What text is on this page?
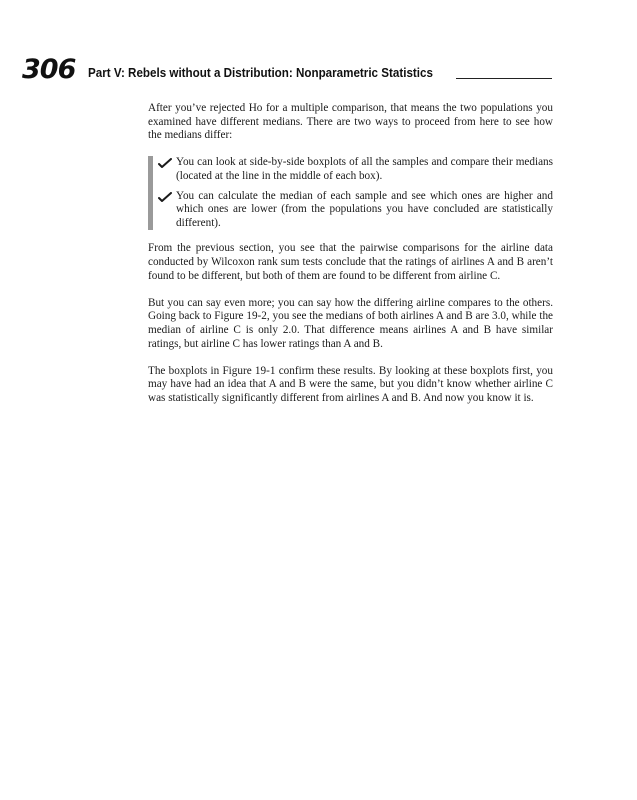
306 Part V: Rebels without a Distribution: Nonparametric Statistics

After you’ve rejected Ho for a multiple comparison, that means the two populations you examined have different medians. There are two ways to proceed from here to see how the medians differ:

You can look at side-by-side boxplots of all the samples and compare their medians (located at the line in the middle of each box).
You can calculate the median of each sample and see which ones are higher and which ones are lower (from the populations you have concluded are statistically different).

From the previous section, you see that the pairwise comparisons for the airline data conducted by Wilcoxon rank sum tests conclude that the ratings of airlines A and B aren’t found to be different, but both of them are found to be different from airline C.

But you can say even more; you can say how the differing airline compares to the others. Going back to Figure 19-2, you see the medians of both airlines A and B are 3.0, while the median of airline C is only 2.0. That difference means airlines A and B have similar ratings, but airline C has lower ratings than A and B.

The boxplots in Figure 19-1 confirm these results. By looking at these boxplots first, you may have had an idea that A and B were the same, but you didn’t know whether airline C was statistically significantly different from airlines A and B. And now you know it is.
